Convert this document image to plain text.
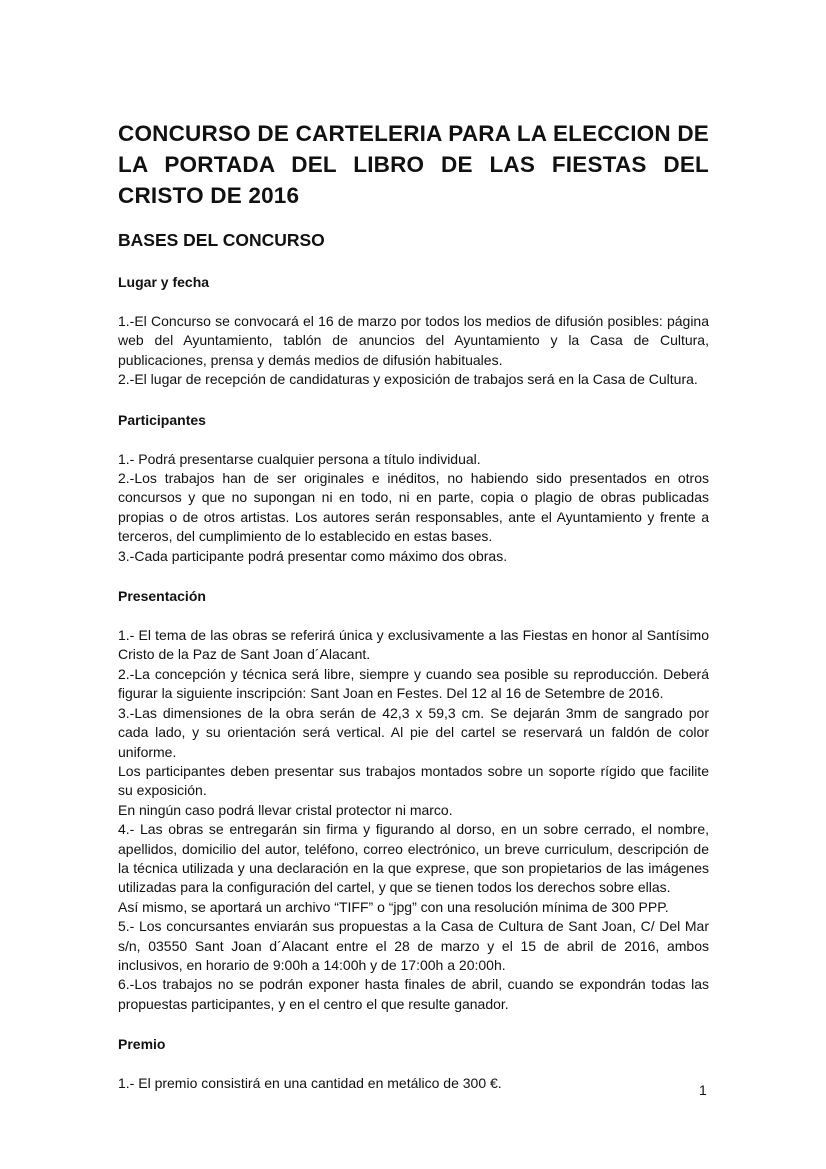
CONCURSO DE CARTELERIA PARA LA ELECCION DE LA PORTADA DEL LIBRO DE LAS FIESTAS DEL CRISTO DE 2016
BASES DEL CONCURSO
Lugar y fecha

1.-El Concurso se convocará el 16 de marzo por todos los medios de difusión posibles: página web del Ayuntamiento, tablón de anuncios del Ayuntamiento y la Casa de Cultura, publicaciones, prensa y demás medios de difusión habituales.

2.-El lugar de recepción de candidaturas y exposición de trabajos será en la Casa de Cultura.

Participantes

1.- Podrá presentarse cualquier persona a título individual.

2.-Los trabajos han de ser originales e inéditos, no habiendo sido presentados en otros concursos y que no supongan ni en todo, ni en parte, copia o plagio de obras publicadas propias o de otros artistas. Los autores serán responsables, ante el Ayuntamiento y frente a terceros, del cumplimiento de lo establecido en estas bases.

3.-Cada participante podrá presentar como máximo dos obras.

Presentación

1.- El tema de las obras se referirá única y exclusivamente a las Fiestas en honor al Santísimo Cristo de la Paz de Sant Joan d´Alacant.

2.-La concepción y técnica será libre, siempre y cuando sea posible su reproducción. Deberá figurar la siguiente inscripción: Sant Joan en Festes. Del 12 al 16 de Setembre de 2016.

3.-Las dimensiones de la obra serán de 42,3 x 59,3 cm. Se dejarán 3mm de sangrado por cada lado, y su orientación será vertical. Al pie del cartel se reservará un faldón de color uniforme.

Los participantes deben presentar sus trabajos montados sobre un soporte rígido que facilite su exposición.

En ningún caso podrá llevar cristal protector ni marco.

4.- Las obras se entregarán sin firma y figurando al dorso, en un sobre cerrado, el nombre, apellidos, domicilio del autor, teléfono, correo electrónico, un breve curriculum, descripción de la técnica utilizada y una declaración en la que exprese, que son propietarios de las imágenes utilizadas para la configuración del cartel, y que se tienen todos los derechos sobre ellas.

Así mismo, se aportará un archivo “TIFF” o “jpg” con una resolución mínima de 300 PPP.

5.- Los concursantes enviarán sus propuestas a la Casa de Cultura de Sant Joan, C/ Del Mar s/n, 03550 Sant Joan d´Alacant entre el 28 de marzo y el 15 de abril de 2016, ambos inclusivos, en horario de 9:00h a 14:00h y de 17:00h a 20:00h.

6.-Los trabajos no se podrán exponer hasta finales de abril, cuando se expondrán todas las propuestas participantes, y en el centro el que resulte ganador.

Premio

1.- El premio consistirá en una cantidad en metálico de 300 €.	1
